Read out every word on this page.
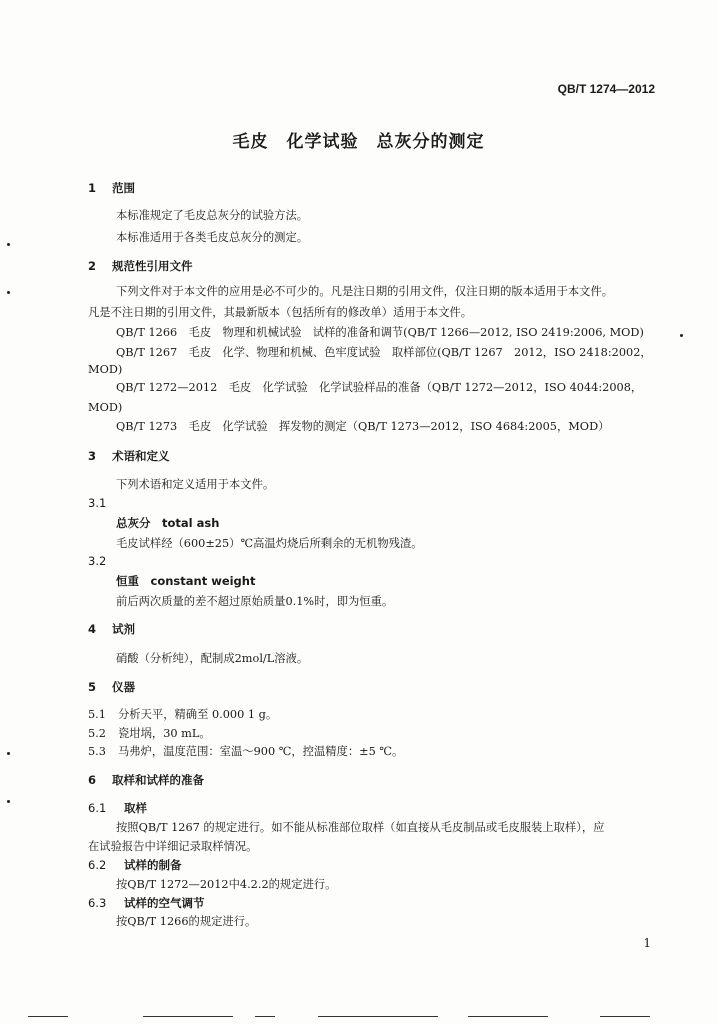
QB/T 1274—2012
毛皮　化学试验　总灰分的测定
1 范围
本标准规定了毛皮总灰分的试验方法。
本标准适用于各类毛皮总灰分的测定。
2 规范性引用文件
下列文件对于本文件的应用是必不可少的。凡是注日期的引用文件，仅注日期的版本适用于本文件。
凡是不注日期的引用文件，其最新版本（包括所有的修改单）适用于本文件。
QB/T 1266　毛皮　物理和机械试验　试样的准备和调节(QB/T 1266—2012, ISO 2419:2006, MOD)
QB/T 1267　毛皮　化学、物理和机械、色牢度试验　取样部位(QB/T 1267　2012，ISO 2418:2002，
MOD)
QB/T 1272—2012　毛皮　化学试验　化学试验样品的准备（QB/T 1272—2012，ISO 4044:2008，
MOD)
QB/T 1273　毛皮　化学试验　挥发物的测定（QB/T 1273—2012，ISO 4684:2005，MOD）
3 术语和定义
下列术语和定义适用于本文件。
3.1
总灰分　total ash
毛皮试样经（600±25）℃高温灼烧后所剩余的无机物残渣。
3.2
恒重　constant weight
前后两次质量的差不超过原始质量0.1%时，即为恒重。
4 试剂
硝酸（分析纯），配制成2mol/L溶液。
5 仪器
5.1 分析天平，精确至 0.000 1 g。
5.2 瓷坩埚，30 mL。
5.3 马弗炉，温度范围：室温～900 ℃，控温精度：±5 ℃。
6 取样和试样的准备
6.1 取样
按照QB/T 1267 的规定进行。如不能从标准部位取样（如直接从毛皮制品或毛皮服装上取样），应
在试验报告中详细记录取样情况。
6.2 试样的制备
按QB/T 1272—2012中4.2.2的规定进行。
6.3 试样的空气调节
按QB/T 1266的规定进行。
1
